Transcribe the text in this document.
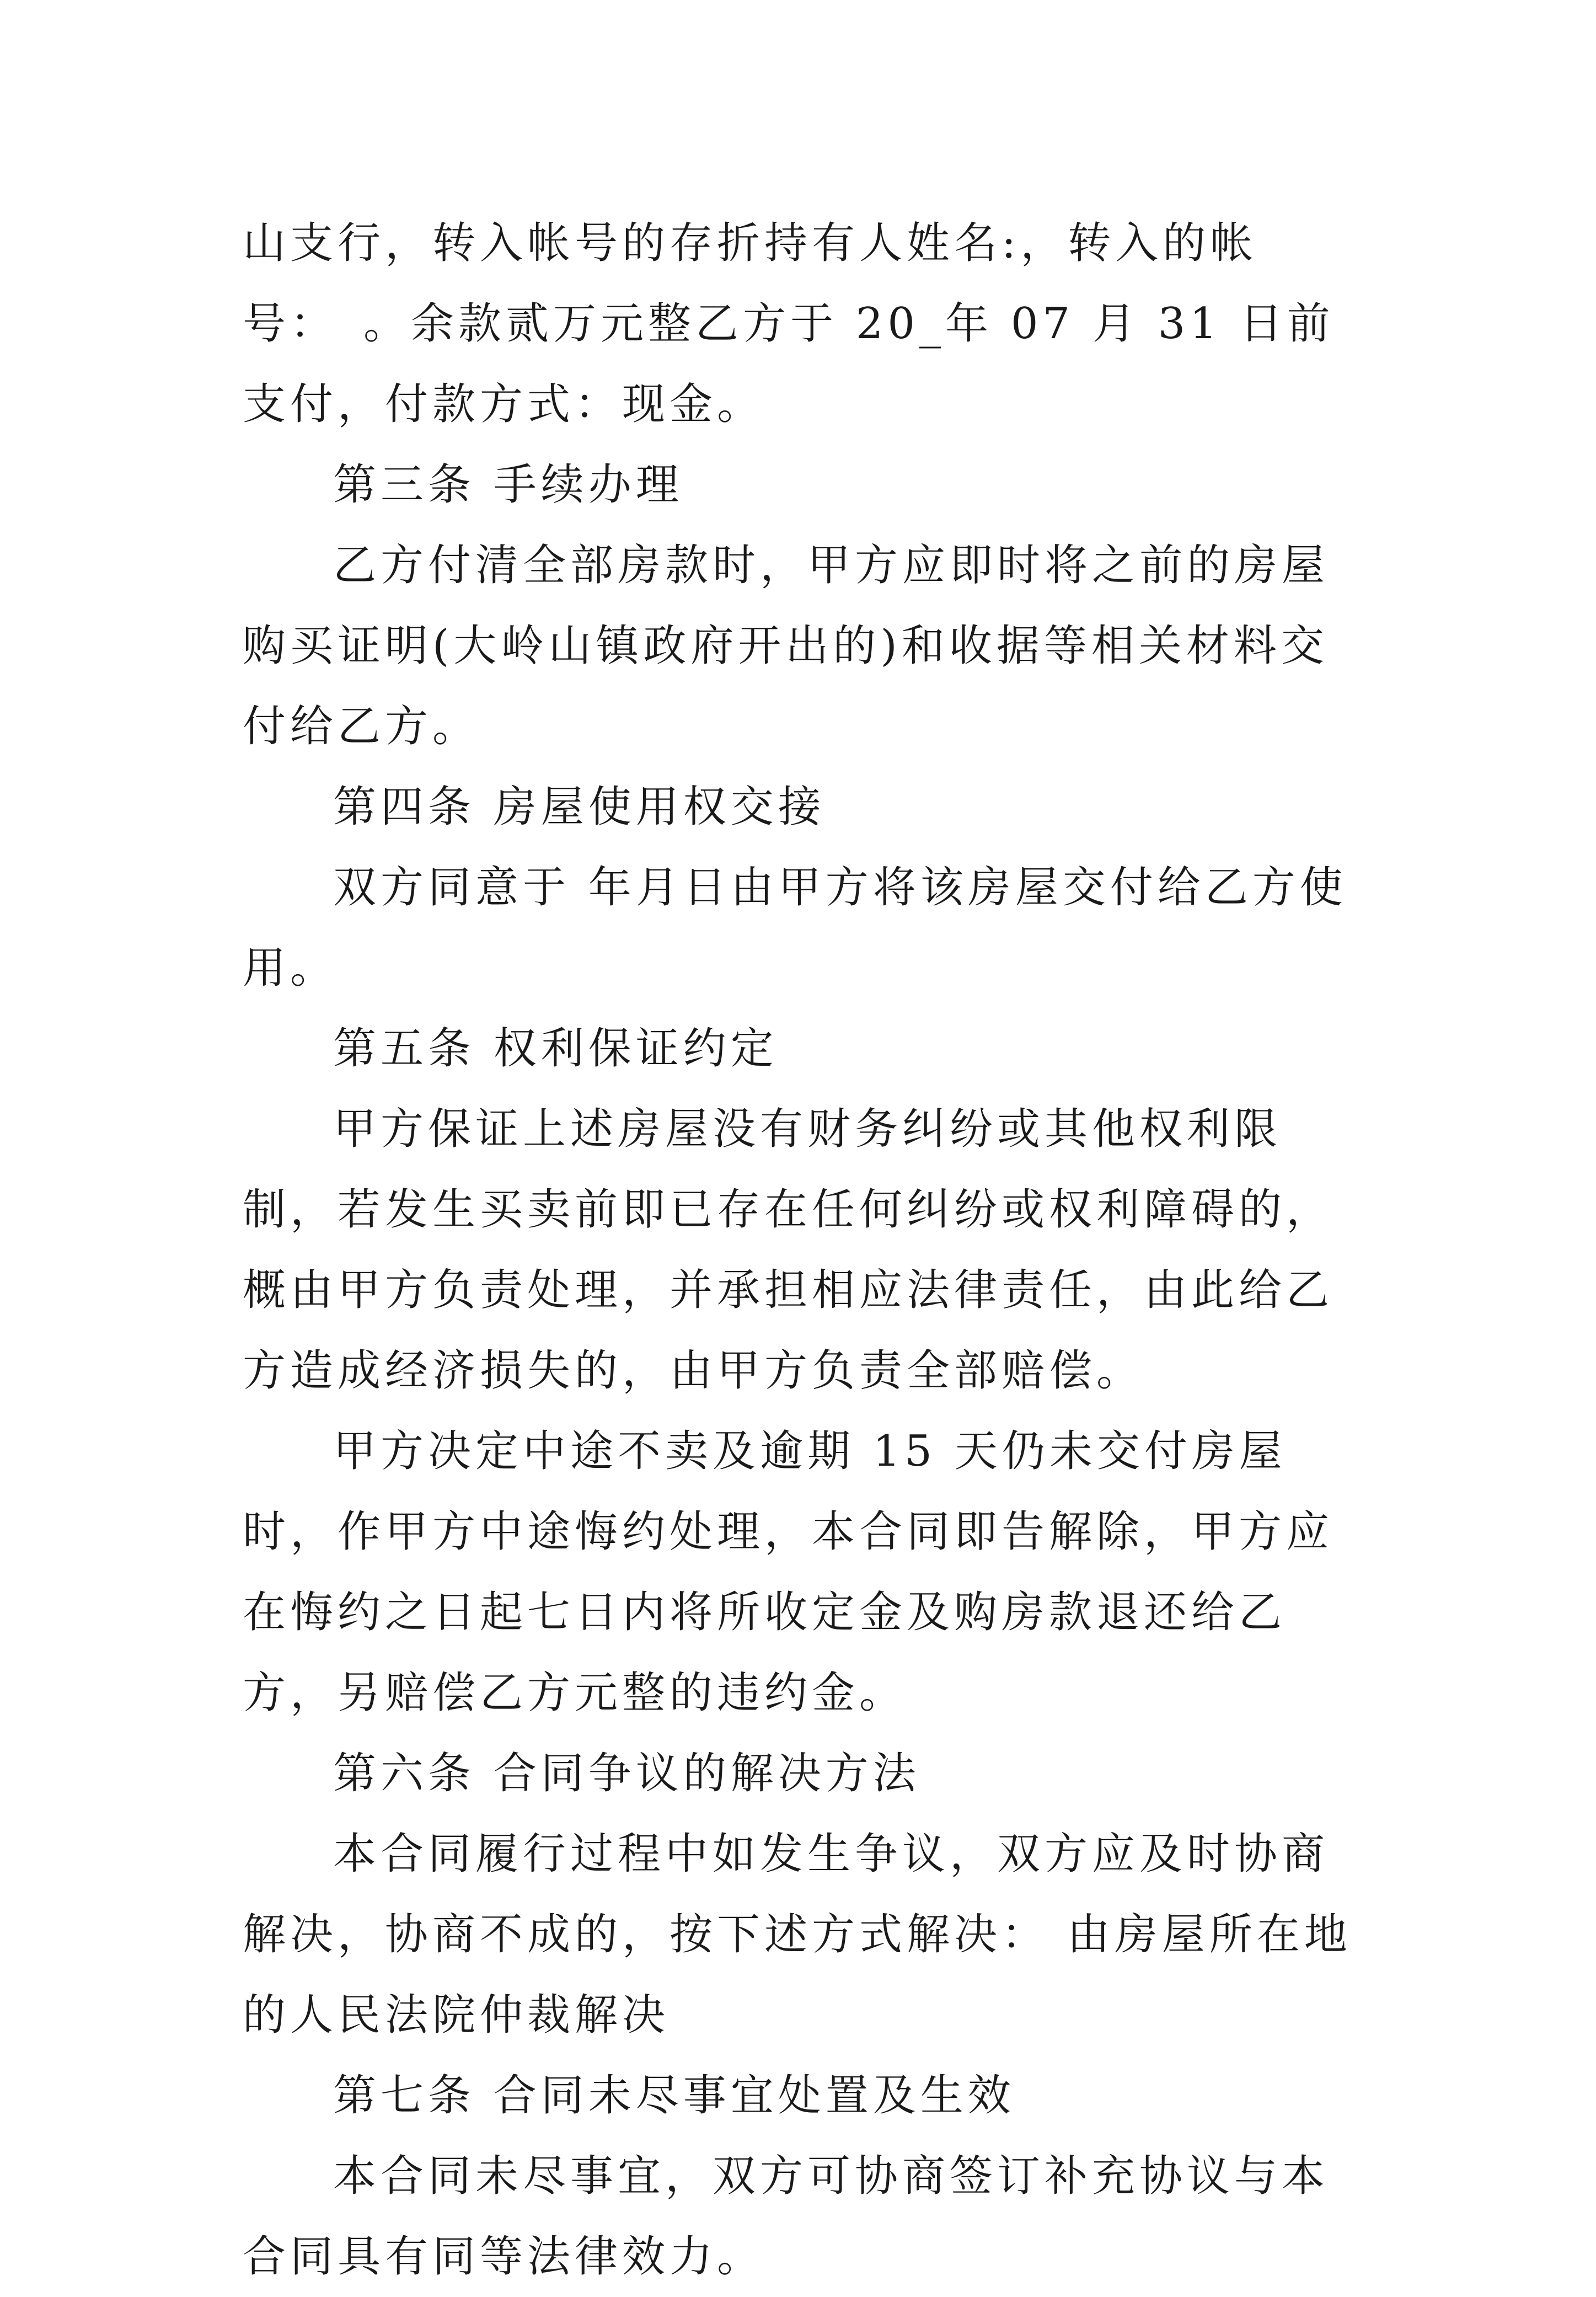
山支行，转入帐号的存折持有人姓名:，转入的帐号：　。余款贰万元整乙方于 20_年 07 月 31 日前支付，付款方式：现金。

第三条 手续办理

乙方付清全部房款时，甲方应即时将之前的房屋购买证明(大岭山镇政府开出的)和收据等相关材料交付给乙方。

第四条 房屋使用权交接

双方同意于 年月日由甲方将该房屋交付给乙方使用。

第五条 权利保证约定

甲方保证上述房屋没有财务纠纷或其他权利限制，若发生买卖前即已存在任何纠纷或权利障碍的，概由甲方负责处理，并承担相应法律责任，由此给乙方造成经济损失的，由甲方负责全部赔偿。

甲方决定中途不卖及逾期 15 天仍未交付房屋时，作甲方中途悔约处理，本合同即告解除，甲方应在悔约之日起七日内将所收定金及购房款退还给乙方，另赔偿乙方元整的违约金。

第六条 合同争议的解决方法

本合同履行过程中如发生争议，双方应及时协商解决，协商不成的，按下述方式解决： 由房屋所在地的人民法院仲裁解决

第七条 合同未尽事宜处置及生效

本合同未尽事宜，双方可协商签订补充协议与本合同具有同等法律效力。
